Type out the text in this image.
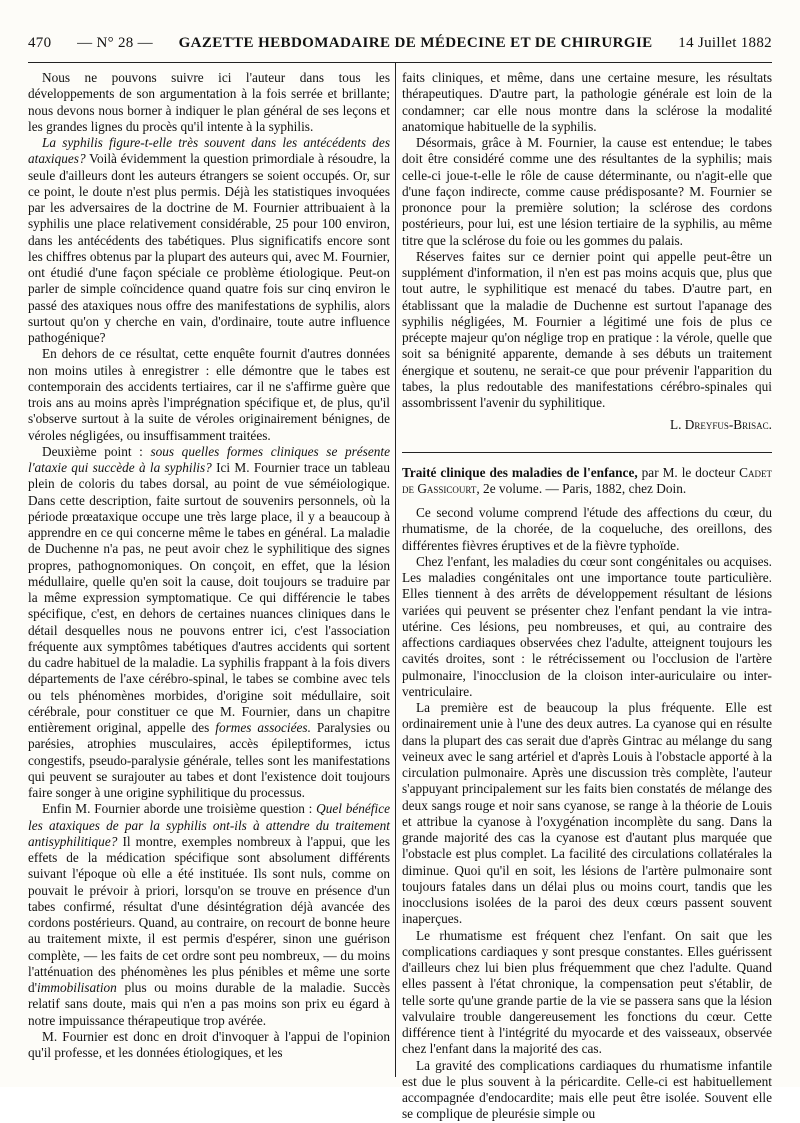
470 — N° 28 — GAZETTE HEBDOMADAIRE DE MÉDECINE ET DE CHIRURGIE 14 Juillet 1882

Nous ne pouvons suivre ici l'auteur dans tous les développements de son argumentation à la fois serrée et brillante; nous devons nous borner à indiquer le plan général de ses leçons et les grandes lignes du procès qu'il intente à la syphilis.

La syphilis figure-t-elle très souvent dans les antécédents des ataxiques? Voilà évidemment la question primordiale à résoudre, la seule d'ailleurs dont les auteurs étrangers se soient occupés. Or, sur ce point, le doute n'est plus permis. Déjà les statistiques invoquées par les adversaires de la doctrine de M. Fournier attribuaient à la syphilis une place relativement considérable, 25 pour 100 environ, dans les antécédents des tabétiques. Plus significatifs encore sont les chiffres obtenus par la plupart des auteurs qui, avec M. Fournier, ont étudié d'une façon spéciale ce problème étiologique. Peut-on parler de simple coïncidence quand quatre fois sur cinq environ le passé des ataxiques nous offre des manifestations de syphilis, alors surtout qu'on y cherche en vain, d'ordinaire, toute autre influence pathogénique?

En dehors de ce résultat, cette enquête fournit d'autres données non moins utiles à enregistrer : elle démontre que le tabes est contemporain des accidents tertiaires, car il ne s'affirme guère que trois ans au moins après l'imprégnation spécifique et, de plus, qu'il s'observe surtout à la suite de véroles originairement bénignes, de véroles négligées, ou insuffisamment traitées.

Deuxième point : sous quelles formes cliniques se présente l'ataxie qui succède à la syphilis? Ici M. Fournier trace un tableau plein de coloris du tabes dorsal, au point de vue séméiologique. Dans cette description, faite surtout de souvenirs personnels, où la période prœataxique occupe une très large place, il y a beaucoup à apprendre en ce qui concerne même le tabes en général. La maladie de Duchenne n'a pas, ne peut avoir chez le syphilitique des signes propres, pathognomoniques. On conçoit, en effet, que la lésion médullaire, quelle qu'en soit la cause, doit toujours se traduire par la même expression symptomatique. Ce qui différencie le tabes spécifique, c'est, en dehors de certaines nuances cliniques dans le détail desquelles nous ne pouvons entrer ici, c'est l'association fréquente aux symptômes tabétiques d'autres accidents qui sortent du cadre habituel de la maladie. La syphilis frappant à la fois divers départements de l'axe cérébro-spinal, le tabes se combine avec tels ou tels phénomènes morbides, d'origine soit médullaire, soit cérébrale, pour constituer ce que M. Fournier, dans un chapitre entièrement original, appelle des formes associées. Paralysies ou parésies, atrophies musculaires, accès épileptiformes, ictus congestifs, pseudo-paralysie générale, telles sont les manifestations qui peuvent se surajouter au tabes et dont l'existence doit toujours faire songer à une origine syphilitique du processus.

Enfin M. Fournier aborde une troisième question : Quel bénéfice les ataxiques de par la syphilis ont-ils à attendre du traitement antisyphilitique? Il montre, exemples nombreux à l'appui, que les effets de la médication spécifique sont absolument différents suivant l'époque où elle a été instituée. Ils sont nuls, comme on pouvait le prévoir à priori, lorsqu'on se trouve en présence d'un tabes confirmé, résultat d'une désintégration déjà avancée des cordons postérieurs. Quand, au contraire, on recourt de bonne heure au traitement mixte, il est permis d'espérer, sinon une guérison complète, — les faits de cet ordre sont peu nombreux, — du moins l'atténuation des phénomènes les plus pénibles et même une sorte d'immobilisation plus ou moins durable de la maladie. Succès relatif sans doute, mais qui n'en a pas moins son prix eu égard à notre impuissance thérapeutique trop avérée.

M. Fournier est donc en droit d'invoquer à l'appui de l'opinion qu'il professe, et les données étiologiques, et les

faits cliniques, et même, dans une certaine mesure, les résultats thérapeutiques. D'autre part, la pathologie générale est loin de la condamner; car elle nous montre dans la sclérose la modalité anatomique habituelle de la syphilis.

Désormais, grâce à M. Fournier, la cause est entendue; le tabes doit être considéré comme une des résultantes de la syphilis; mais celle-ci joue-t-elle le rôle de cause déterminante, ou n'agit-elle que d'une façon indirecte, comme cause prédisposante? M. Fournier se prononce pour la première solution; la sclérose des cordons postérieurs, pour lui, est une lésion tertiaire de la syphilis, au même titre que la sclérose du foie ou les gommes du palais.

Réserves faites sur ce dernier point qui appelle peut-être un supplément d'information, il n'en est pas moins acquis que, plus que tout autre, le syphilitique est menacé du tabes. D'autre part, en établissant que la maladie de Duchenne est surtout l'apanage des syphilis négligées, M. Fournier a légitimé une fois de plus ce précepte majeur qu'on néglige trop en pratique : la vérole, quelle que soit sa bénignité apparente, demande à ses débuts un traitement énergique et soutenu, ne serait-ce que pour prévenir l'apparition du tabes, la plus redoutable des manifestations cérébro-spinales qui assombrissent l'avenir du syphilitique.

L. Dreyfus-Brisac.

Traité clinique des maladies de l'enfance, par M. le docteur Cadet de Gassicourt, 2e volume. — Paris, 1882, chez Doin.

Ce second volume comprend l'étude des affections du cœur, du rhumatisme, de la chorée, de la coqueluche, des oreillons, des différentes fièvres éruptives et de la fièvre typhoïde.

Chez l'enfant, les maladies du cœur sont congénitales ou acquises. Les maladies congénitales ont une importance toute particulière. Elles tiennent à des arrêts de développement résultant de lésions variées qui peuvent se présenter chez l'enfant pendant la vie intra-utérine. Ces lésions, peu nombreuses, et qui, au contraire des affections cardiaques observées chez l'adulte, atteignent toujours les cavités droites, sont : le rétrécissement ou l'occlusion de l'artère pulmonaire, l'inocclusion de la cloison inter-auriculaire ou inter-ventriculaire.

La première est de beaucoup la plus fréquente. Elle est ordinairement unie à l'une des deux autres. La cyanose qui en résulte dans la plupart des cas serait due d'après Gintrac au mélange du sang veineux avec le sang artériel et d'après Louis à l'obstacle apporté à la circulation pulmonaire. Après une discussion très complète, l'auteur s'appuyant principalement sur les faits bien constatés de mélange des deux sangs rouge et noir sans cyanose, se range à la théorie de Louis et attribue la cyanose à l'oxygénation incomplète du sang. Dans la grande majorité des cas la cyanose est d'autant plus marquée que l'obstacle est plus complet. La facilité des circulations collatérales la diminue. Quoi qu'il en soit, les lésions de l'artère pulmonaire sont toujours fatales dans un délai plus ou moins court, tandis que les inocclusions isolées de la paroi des deux cœurs passent souvent inaperçues.

Le rhumatisme est fréquent chez l'enfant. On sait que les complications cardiaques y sont presque constantes. Elles guérissent d'ailleurs chez lui bien plus fréquemment que chez l'adulte. Quand elles passent à l'état chronique, la compensation peut s'établir, de telle sorte qu'une grande partie de la vie se passera sans que la lésion valvulaire trouble dangereusement les fonctions du cœur. Cette différence tient à l'intégrité du myocarde et des vaisseaux, observée chez l'enfant dans la majorité des cas.

La gravité des complications cardiaques du rhumatisme infantile est due le plus souvent à la péricardite. Celle-ci est habituellement accompagnée d'endocardite; mais elle peut être isolée. Souvent elle se complique de pleurésie simple ou
